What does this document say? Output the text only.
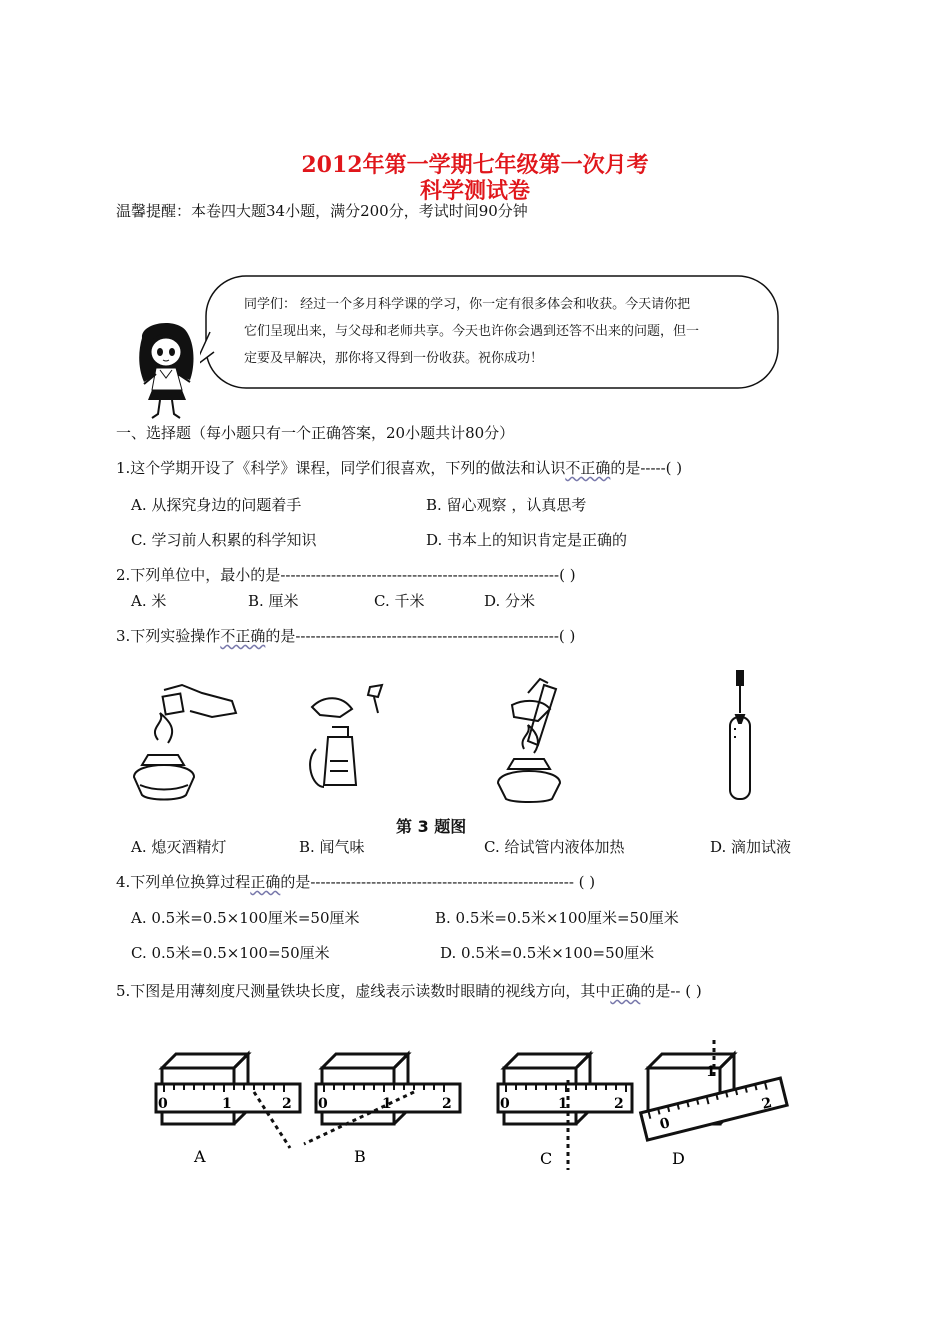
2012年第一学期七年级第一次月考
科学测试卷
温馨提醒：本卷四大题34小题，满分200分，考试时间90分钟
同学们： 经过一个多月科学课的学习，你一定有很多体会和收获。今天请你把
它们呈现出来，与父母和老师共享。今天也许你会遇到还答不出来的问题，但一
定要及早解决，那你将又得到一份收获。祝你成功！
一、选择题（每小题只有一个正确答案，20小题共计80分）
1.这个学期开设了《科学》课程，同学们很喜欢，下列的做法和认识不正确的是-----( )
A. 从探究身边的问题着手	B. 留心观察 ，认真思考
C. 学习前人积累的科学知识	D. 书本上的知识肯定是正确的
2.下列单位中，最小的是-------------------------------------------------------( )
A. 米	B. 厘米	C. 千米	D. 分米
3.下列实验操作不正确的是----------------------------------------------------( )
第 3 题图
A. 熄灭酒精灯	B. 闻气味	C. 给试管内液体加热	D. 滴加试液
4.下列单位换算过程正确的是---------------------------------------------------- ( )
A. 0.5米=0.5×100厘米=50厘米	B. 0.5米=0.5米×100厘米=50厘米
C. 0.5米=0.5×100=50厘米	D. 0.5米=0.5米×100=50厘米
5.下图是用薄刻度尺测量铁块长度，虚线表示读数时眼睛的视线方向，其中正确的是-- ( )
0	1	2
A
0	1	2
B
0	1	2
C
0
1
2
D
